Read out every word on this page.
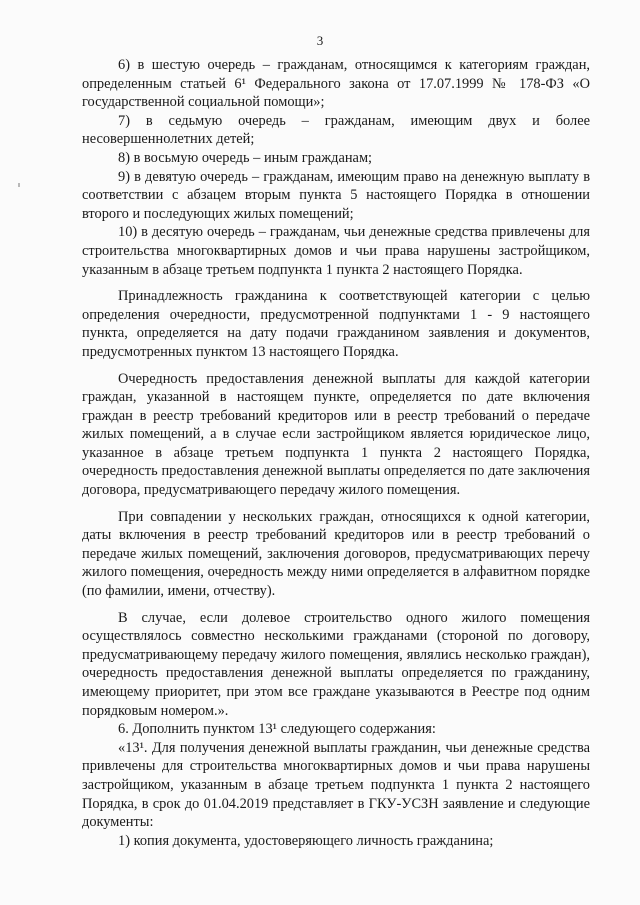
3

6) в шестую очередь – гражданам, относящимся к категориям граждан, определенным статьей 6¹ Федерального закона от 17.07.1999 № 178-ФЗ «О государственной социальной помощи»;

7) в седьмую очередь – гражданам, имеющим двух и более несовершеннолетних детей;

8) в восьмую очередь – иным гражданам;

9) в девятую очередь – гражданам, имеющим право на денежную выплату в соответствии с абзацем вторым пункта 5 настоящего Порядка в отношении второго и последующих жилых помещений;

10) в десятую очередь – гражданам, чьи денежные средства привлечены для строительства многоквартирных домов и чьи права нарушены застройщиком, указанным в абзаце третьем подпункта 1 пункта 2 настоящего Порядка.

Принадлежность гражданина к соответствующей категории с целью определения очередности, предусмотренной подпунктами 1 - 9 настоящего пункта, определяется на дату подачи гражданином заявления и документов, предусмотренных пунктом 13 настоящего Порядка.

Очередность предоставления денежной выплаты для каждой категории граждан, указанной в настоящем пункте, определяется по дате включения граждан в реестр требований кредиторов или в реестр требований о передаче жилых помещений, а в случае если застройщиком является юридическое лицо, указанное в абзаце третьем подпункта 1 пункта 2 настоящего Порядка, очередность предоставления денежной выплаты определяется по дате заключения договора, предусматривающего передачу жилого помещения.

При совпадении у нескольких граждан, относящихся к одной категории, даты включения в реестр требований кредиторов или в реестр требований о передаче жилых помещений, заключения договоров, предусматривающих перечу жилого помещения, очередность между ними определяется в алфавитном порядке (по фамилии, имени, отчеству).

В случае, если долевое строительство одного жилого помещения осуществлялось совместно несколькими гражданами (стороной по договору, предусматривающему передачу жилого помещения, являлись несколько граждан), очередность предоставления денежной выплаты определяется по гражданину, имеющему приоритет, при этом все граждане указываются в Реестре под одним порядковым номером.».

6. Дополнить пунктом 13¹ следующего содержания:

«13¹. Для получения денежной выплаты гражданин, чьи денежные средства привлечены для строительства многоквартирных домов и чьи права нарушены застройщиком, указанным в абзаце третьем подпункта 1 пункта 2 настоящего Порядка, в срок до 01.04.2019 представляет в ГКУ-УСЗН заявление и следующие документы:

1) копия документа, удостоверяющего личность гражданина;
